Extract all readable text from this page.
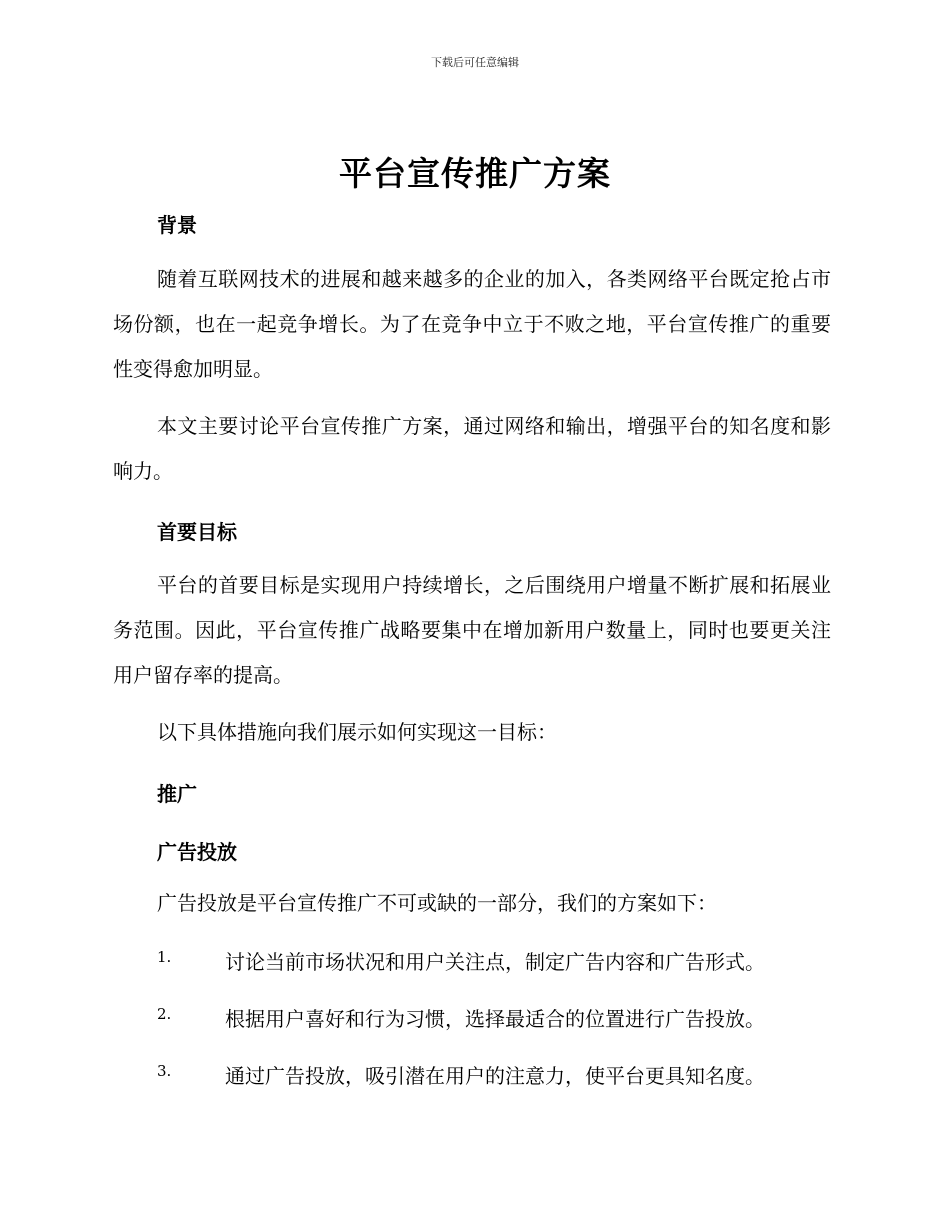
下载后可任意编辑
平台宣传推广方案
背景
随着互联网技术的进展和越来越多的企业的加入，各类网络平台既定抢占市场份额，也在一起竞争增长。为了在竞争中立于不败之地，平台宣传推广的重要性变得愈加明显。
本文主要讨论平台宣传推广方案，通过网络和输出，增强平台的知名度和影响力。
首要目标
平台的首要目标是实现用户持续增长，之后围绕用户增量不断扩展和拓展业务范围。因此，平台宣传推广战略要集中在增加新用户数量上，同时也要更关注用户留存率的提高。
以下具体措施向我们展示如何实现这一目标：
推广
广告投放
广告投放是平台宣传推广不可或缺的一部分，我们的方案如下：
1.	讨论当前市场状况和用户关注点，制定广告内容和广告形式。
2.	根据用户喜好和行为习惯，选择最适合的位置进行广告投放。
3.	通过广告投放，吸引潜在用户的注意力，使平台更具知名度。
